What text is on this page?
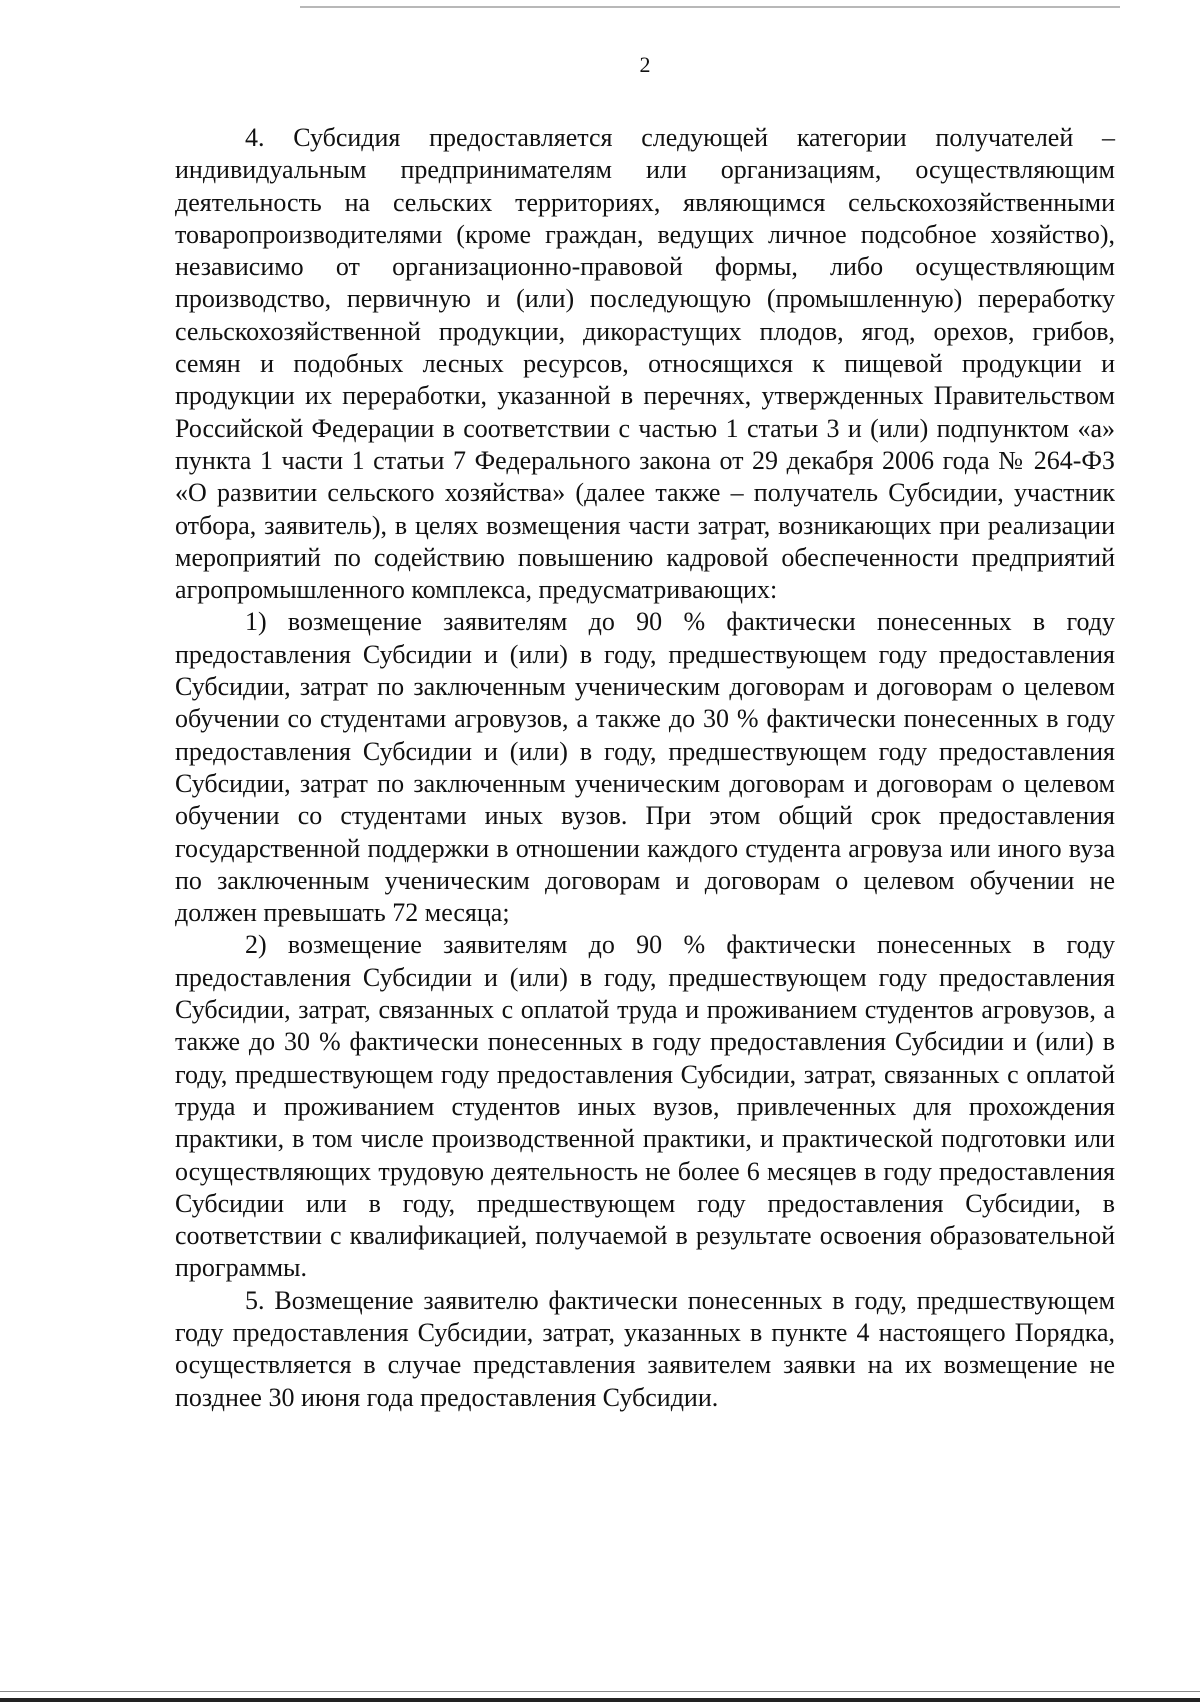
2

4. Субсидия предоставляется следующей категории получателей – индивидуальным предпринимателям или организациям, осуществляющим деятельность на сельских территориях, являющимся сельскохозяйственными товаропроизводителями (кроме граждан, ведущих личное подсобное хозяйство), независимо от организационно-правовой формы, либо осуществляющим производство, первичную и (или) последующую (промышленную) переработку сельскохозяйственной продукции, дикорастущих плодов, ягод, орехов, грибов, семян и подобных лесных ресурсов, относящихся к пищевой продукции и продукции их переработки, указанной в перечнях, утвержденных Правительством Российской Федерации в соответствии с частью 1 статьи 3 и (или) подпунктом «а» пункта 1 части 1 статьи 7 Федерального закона от 29 декабря 2006 года № 264-ФЗ «О развитии сельского хозяйства» (далее также – получатель Субсидии, участник отбора, заявитель), в целях возмещения части затрат, возникающих при реализации мероприятий по содействию повышению кадровой обеспеченности предприятий агропромышленного комплекса, предусматривающих:

1) возмещение заявителям до 90 % фактически понесенных в году предоставления Субсидии и (или) в году, предшествующем году предоставления Субсидии, затрат по заключенным ученическим договорам и договорам о целевом обучении со студентами агровузов, а также до 30 % фактически понесенных в году предоставления Субсидии и (или) в году, предшествующем году предоставления Субсидии, затрат по заключенным ученическим договорам и договорам о целевом обучении со студентами иных вузов. При этом общий срок предоставления государственной поддержки в отношении каждого студента агровуза или иного вуза по заключенным ученическим договорам и договорам о целевом обучении не должен превышать 72 месяца;

2) возмещение заявителям до 90 % фактически понесенных в году предоставления Субсидии и (или) в году, предшествующем году предоставления Субсидии, затрат, связанных с оплатой труда и проживанием студентов агровузов, а также до 30 % фактически понесенных в году предоставления Субсидии и (или) в году, предшествующем году предоставления Субсидии, затрат, связанных с оплатой труда и проживанием студентов иных вузов, привлеченных для прохождения практики, в том числе производственной практики, и практической подготовки или осуществляющих трудовую деятельность не более 6 месяцев в году предоставления Субсидии или в году, предшествующем году предоставления Субсидии, в соответствии с квалификацией, получаемой в результате освоения образовательной программы.

5. Возмещение заявителю фактически понесенных в году, предшествующем году предоставления Субсидии, затрат, указанных в пункте 4 настоящего Порядка, осуществляется в случае представления заявителем заявки на их возмещение не позднее 30 июня года предоставления Субсидии.
